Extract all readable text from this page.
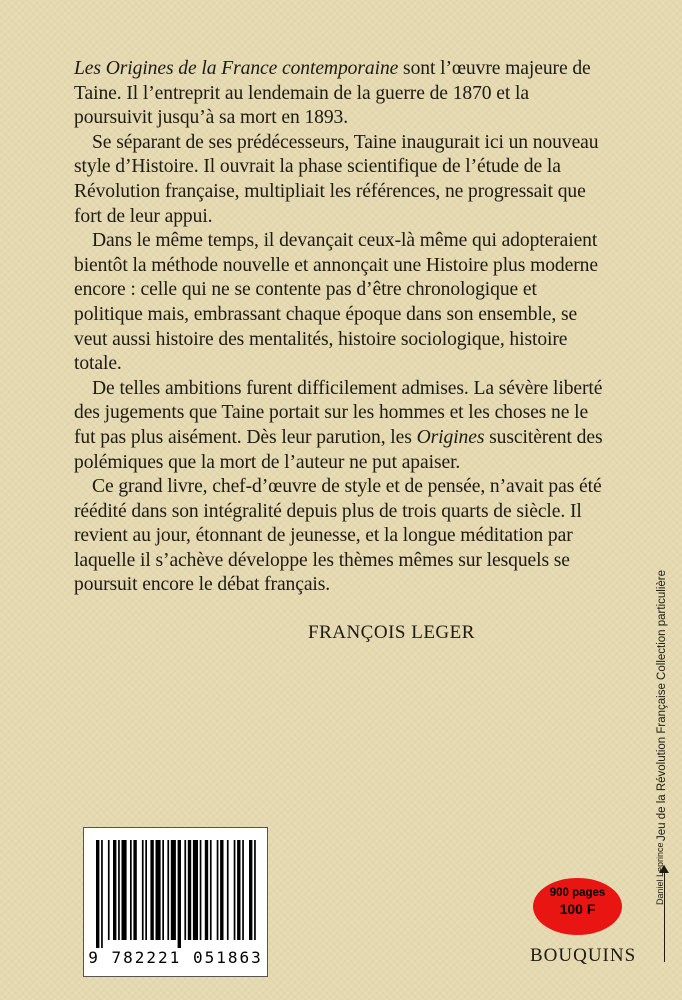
Les Origines de la France contemporaine sont l’œuvre majeure de Taine. Il l’entreprit au lendemain de la guerre de 1870 et la poursuivit jusqu’à sa mort en 1893.

Se séparant de ses prédécesseurs, Taine inaugurait ici un nouveau style d’Histoire. Il ouvrait la phase scientifique de l’étude de la Révolution française, multipliait les références, ne progressait que fort de leur appui.

Dans le même temps, il devançait ceux-là même qui adopteraient bientôt la méthode nouvelle et annonçait une Histoire plus moderne encore : celle qui ne se contente pas d’être chronologique et politique mais, embrassant chaque époque dans son ensemble, se veut aussi histoire des mentalités, histoire sociologique, histoire totale.

De telles ambitions furent difficilement admises. La sévère liberté des jugements que Taine portait sur les hommes et les choses ne le fut pas plus aisément. Dès leur parution, les Origines suscitèrent des polémiques que la mort de l’auteur ne put apaiser.

Ce grand livre, chef-d’œuvre de style et de pensée, n’avait pas été réédité dans son intégralité depuis plus de trois quarts de siècle. Il revient au jour, étonnant de jeunesse, et la longue méditation par laquelle il s’achève développe les thèmes mêmes sur lesquels se poursuit encore le débat français.

FRANÇOIS LEGER
9 782221 051863
900 pages
100 F
BOUQUINS
Jeu de la Révolution Française Collection particulière
Daniel Leprince
